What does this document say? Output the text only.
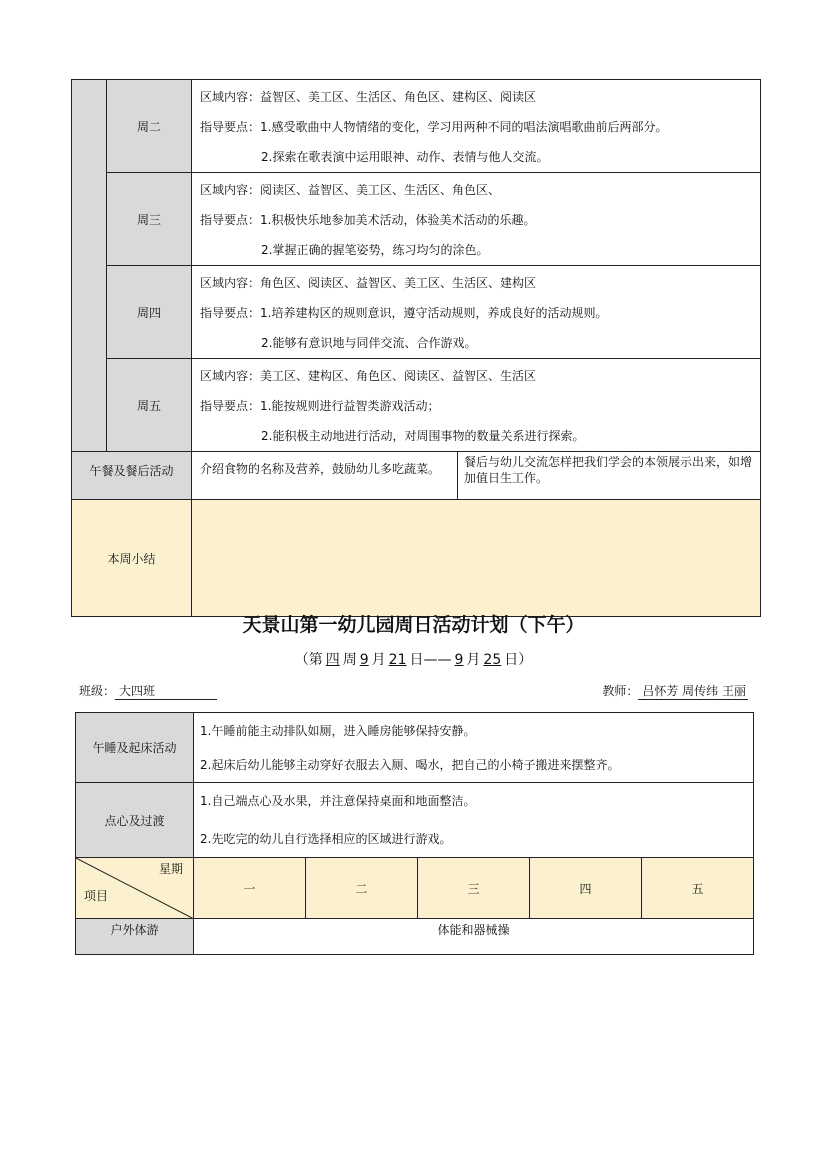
	周二	区域内容：益智区、美工区、生活区、角色区、建构区、阅读区
指导要点：1.感受歌曲中人物情绪的变化，学习用两种不同的唱法演唱歌曲前后两部分。
2.探索在歌表演中运用眼神、动作、表情与他人交流。	

	周三	区域内容：阅读区、益智区、美工区、生活区、角色区、
指导要点：1.积极快乐地参加美术活动，体验美术活动的乐趣。
2.掌握正确的握笔姿势，练习均匀的涂色。	

	周四	区域内容：角色区、阅读区、益智区、美工区、生活区、建构区
指导要点：1.培养建构区的规则意识，遵守活动规则，养成良好的活动规则。
2.能够有意识地与同伴交流、合作游戏。	

	周五	区域内容：美工区、建构区、角色区、阅读区、益智区、生活区
指导要点：1.能按规则进行益智类游戏活动；
2.能积极主动地进行活动，对周围事物的数量关系进行探索。	

午餐及餐后活动		介绍食物的名称及营养，鼓励幼儿多吃蔬菜。	餐后与幼儿交流怎样把我们学会的本领展示出来，如增加值日生工作。
本周小结			
天景山第一幼儿园周日活动计划（下午）
（第 四 周 9 月 21 日—— 9 月 25 日）
班级： 大四班	教师： 吕怀芳 周传纬 王丽
午睡及起床活动	1.午睡前能主动排队如厕，进入睡房能够保持安静。
2.起床后幼儿能够主动穿好衣服去入厕、喝水，把自己的小椅子搬进来摆整齐。				

点心及过渡	1.自己端点心及水果，并注意保持桌面和地面整洁。
2.先吃完的幼儿自行选择相应的区域进行游戏。				

星期
项目	一	二	三	四	五
户外体游	体能和器械操				
